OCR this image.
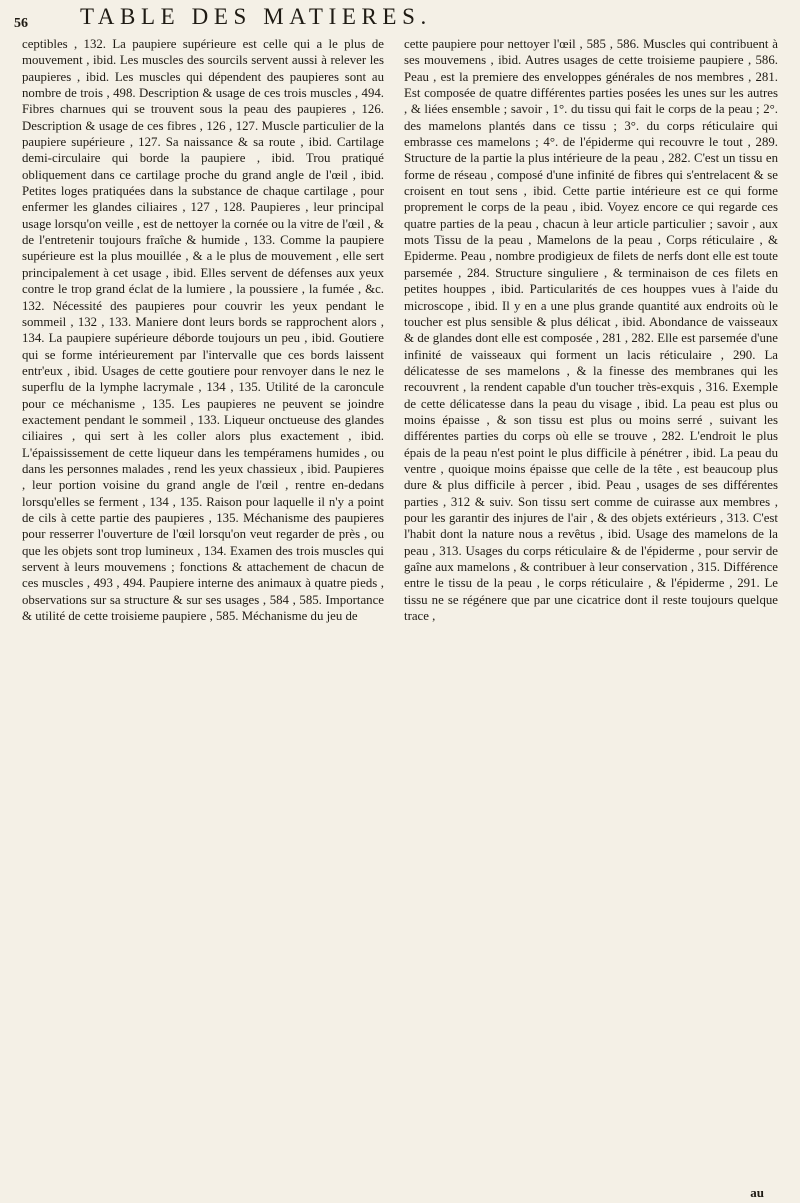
56 TABLE DES MATIERES.

ceptibles , 132. La paupiere supérieure est celle qui a le plus de mouvement , ibid. Les muscles des sourcils servent aussi à relever les paupieres , ibid. Les muscles qui dépendent des paupieres sont au nombre de trois , 498. Description & usage de ces trois muscles , 494. Fibres charnues qui se trouvent sous la peau des paupieres , 126. Description & usage de ces fibres , 126 , 127. Muscle particulier de la paupiere supérieure , 127. Sa naissance & sa route , ibid. Cartilage demi-circulaire qui borde la paupiere , ibid. Trou pratiqué obliquement dans ce cartilage proche du grand angle de l'œil , ibid. Petites loges pratiquées dans la substance de chaque cartilage , pour enfermer les glandes ciliaires , 127 , 128. Paupieres , leur principal usage lorsqu'on veille , est de nettoyer la cornée ou la vitre de l'œil , & de l'entretenir toujours fraîche & humide , 133. Comme la paupiere supérieure est la plus mouillée , & a le plus de mouvement , elle sert principalement à cet usage , ibid. Elles servent de défenses aux yeux contre le trop grand éclat de la lumiere , la poussiere , la fumée , &c. 132. Nécessité des paupieres pour couvrir les yeux pendant le sommeil , 132 , 133. Maniere dont leurs bords se rapprochent alors , 134. La paupiere supérieure déborde toujours un peu , ibid. Goutiere qui se forme intérieurement par l'intervalle que ces bords laissent entr'eux , ibid. Usages de cette goutiere pour renvoyer dans le nez le superflu de la lymphe lacrymale , 134 , 135. Utilité de la caroncule pour ce méchanisme , 135. Les paupieres ne peuvent se joindre exactement pendant le sommeil , 133. Liqueur onctueuse des glandes ciliaires , qui sert à les coller alors plus exactement , ibid. L'épaississement de cette liqueur dans les tempéramens humides , ou dans les personnes malades , rend les yeux chassieux , ibid. Paupieres , leur portion voisine du grand angle de l'œil , rentre en-dedans lorsqu'elles se ferment , 134 , 135. Raison pour laquelle il n'y a point de cils à cette partie des paupieres , 135. Méchanisme des paupieres pour resserrer l'ouverture de l'œil lorsqu'on veut regarder de près , ou que les objets sont trop lumineux , 134. Examen des trois muscles qui servent à leurs mouvemens ; fonctions & attachement de chacun de ces muscles , 493 , 494. Paupiere interne des animaux à quatre pieds , observations sur sa structure & sur ses usages , 584 , 585. Importance & utilité de cette troisieme paupiere , 585. Méchanisme du jeu de

cette paupiere pour nettoyer l'œil , 585 , 586. Muscles qui contribuent à ses mouvemens , ibid. Autres usages de cette troisieme paupiere , 586. Peau , est la premiere des enveloppes générales de nos membres , 281. Est composée de quatre différentes parties posées les unes sur les autres , & liées ensemble ; savoir , 1°. du tissu qui fait le corps de la peau ; 2°. des mamelons plantés dans ce tissu ; 3°. du corps réticulaire qui embrasse ces mamelons ; 4°. de l'épiderme qui recouvre le tout , 289. Structure de la partie la plus intérieure de la peau , 282. C'est un tissu en forme de réseau , composé d'une infinité de fibres qui s'entrelacent & se croisent en tout sens , ibid. Cette partie intérieure est ce qui forme proprement le corps de la peau , ibid. Voyez encore ce qui regarde ces quatre parties de la peau , chacun à leur article particulier ; savoir , aux mots Tissu de la peau , Mamelons de la peau , Corps réticulaire , & Epiderme. Peau , nombre prodigieux de filets de nerfs dont elle est toute parsemée , 284. Structure singuliere , & terminaison de ces filets en petites houppes , ibid. Particularités de ces houppes vues à l'aide du microscope , ibid. Il y en a une plus grande quantité aux endroits où le toucher est plus sensible & plus délicat , ibid. Abondance de vaisseaux & de glandes dont elle est composée , 281 , 282. Elle est parsemée d'une infinité de vaisseaux qui forment un lacis réticulaire , 290. La délicatesse de ses mamelons , & la finesse des membranes qui les recouvrent , la rendent capable d'un toucher très-exquis , 316. Exemple de cette délicatesse dans la peau du visage , ibid. La peau est plus ou moins épaisse , & son tissu est plus ou moins serré , suivant les différentes parties du corps où elle se trouve , 282. L'endroit le plus épais de la peau n'est point le plus difficile à pénétrer , ibid. La peau du ventre , quoique moins épaisse que celle de la tête , est beaucoup plus dure & plus difficile à percer , ibid. Peau , usages de ses différentes parties , 312 & suiv. Son tissu sert comme de cuirasse aux membres , pour les garantir des injures de l'air , & des objets extérieurs , 313. C'est l'habit dont la nature nous a revêtus , ibid. Usage des mamelons de la peau , 313. Usages du corps réticulaire & de l'épiderme , pour servir de gaîne aux mamelons , & contribuer à leur conservation , 315. Différence entre le tissu de la peau , le corps réticulaire , & l'épiderme , 291. Le tissu ne se régénere que par une cicatrice dont il reste toujours quelque trace ,

au
